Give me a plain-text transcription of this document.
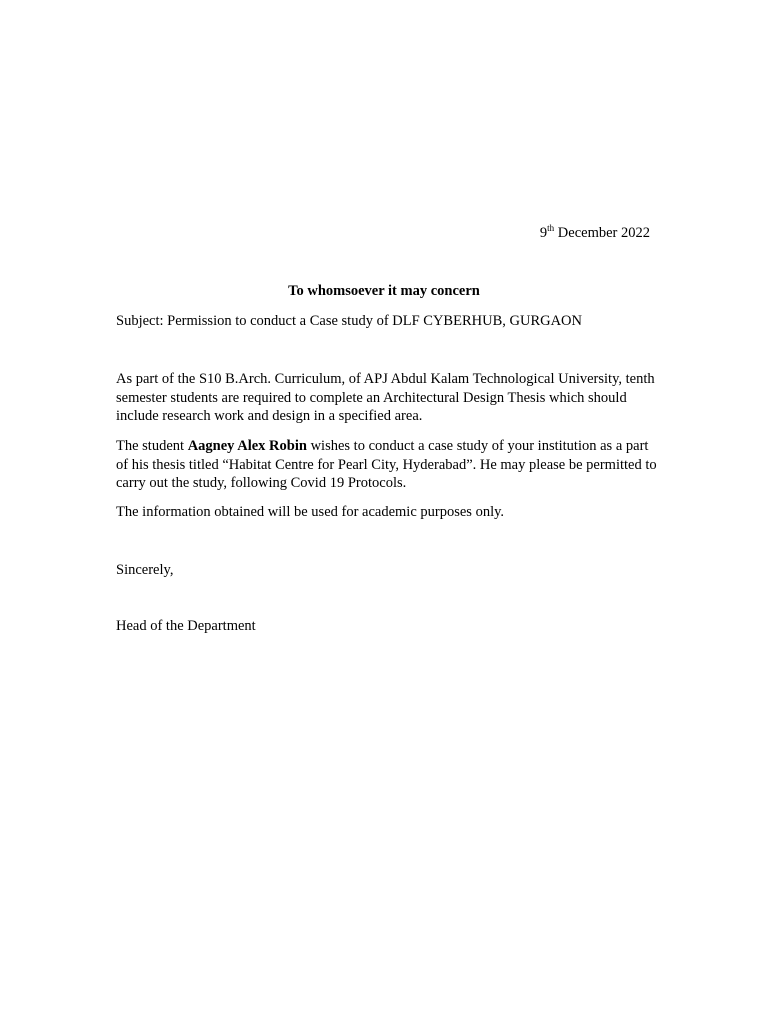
9th December 2022
To whomsoever it may concern
Subject: Permission to conduct a Case study of DLF CYBERHUB, GURGAON

As part of the S10 B.Arch. Curriculum, of APJ Abdul Kalam Technological University, tenth semester students are required to complete an Architectural Design Thesis which should include research work and design in a specified area.

The student Aagney Alex Robin wishes to conduct a case study of your institution as a part of his thesis titled “Habitat Centre for Pearl City, Hyderabad”. He may please be permitted to carry out the study, following Covid 19 Protocols.

The information obtained will be used for academic purposes only.

Sincerely,
Head of the Department
